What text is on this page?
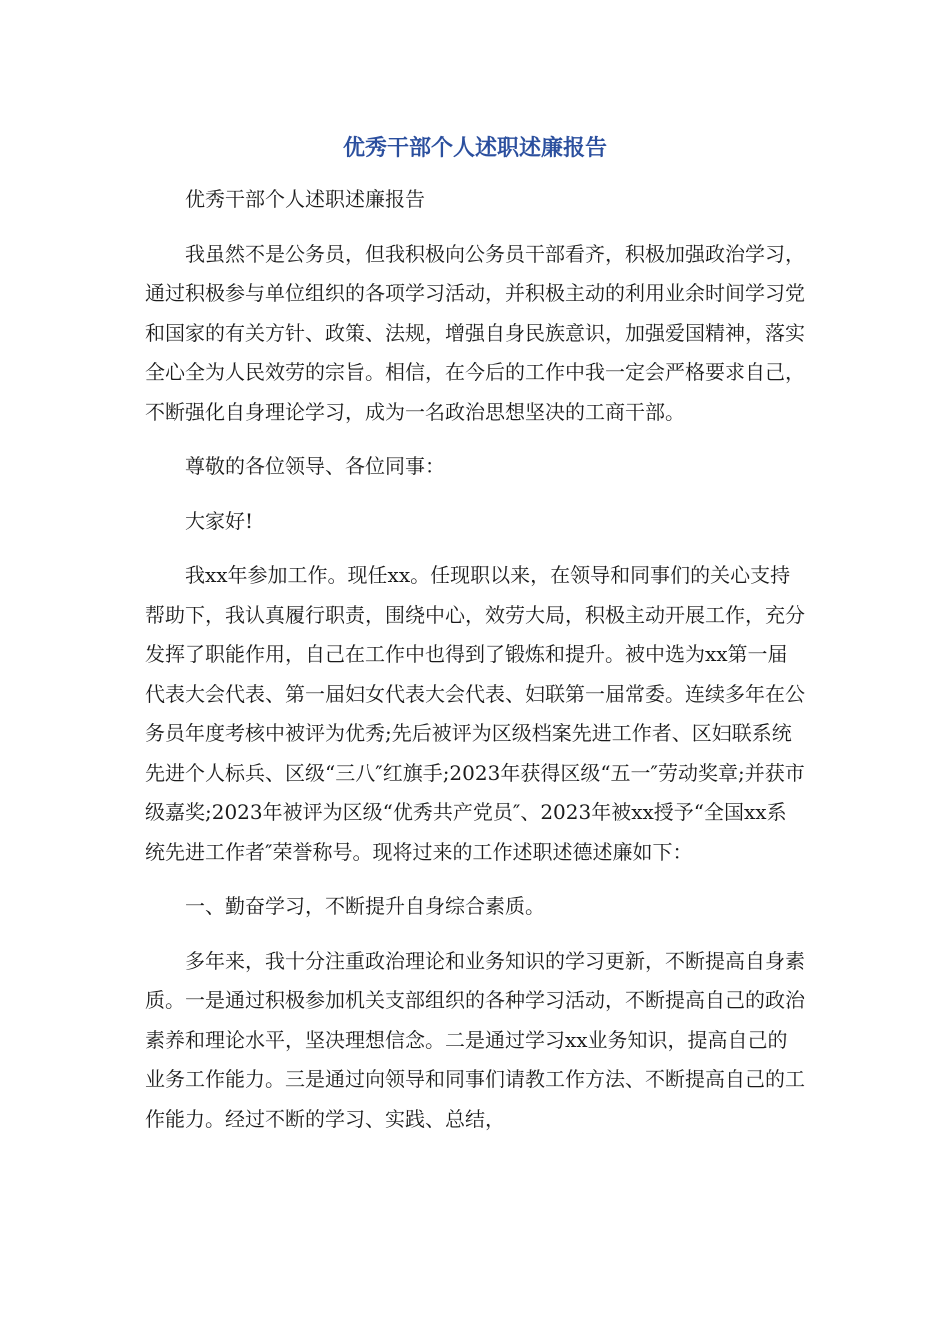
优秀干部个人述职述廉报告

优秀干部个人述职述廉报告

我虽然不是公务员，但我积极向公务员干部看齐，积极加强政治学习，通过积极参与单位组织的各项学习活动，并积极主动的利用业余时间学习党和国家的有关方针、政策、法规，增强自身民族意识，加强爱国精神，落实全心全为人民效劳的宗旨。相信，在今后的工作中我一定会严格要求自己，不断强化自身理论学习，成为一名政治思想坚决的工商干部。

尊敬的各位领导、各位同事：

大家好!

我xx年参加工作。现任xx。任现职以来，在领导和同事们的关心支持帮助下，我认真履行职责，围绕中心，效劳大局，积极主动开展工作，充分发挥了职能作用，自己在工作中也得到了锻炼和提升。被中选为xx第一届代表大会代表、第一届妇女代表大会代表、妇联第一届常委。连续多年在公务员年度考核中被评为优秀;先后被评为区级档案先进工作者、区妇联系统先进个人标兵、区级“三八″红旗手;2023年获得区级“五一″劳动奖章;并获市级嘉奖;2023年被评为区级“优秀共产党员″、2023年被xx授予“全国xx系统先进工作者″荣誉称号。现将过来的工作述职述德述廉如下：

一、勤奋学习，不断提升自身综合素质。

多年来，我十分注重政治理论和业务知识的学习更新，不断提高自身素质。一是通过积极参加机关支部组织的各种学习活动，不断提高自己的政治素养和理论水平，坚决理想信念。二是通过学习xx业务知识，提高自己的业务工作能力。三是通过向领导和同事们请教工作方法、不断提高自己的工作能力。经过不断的学习、实践、总结，
